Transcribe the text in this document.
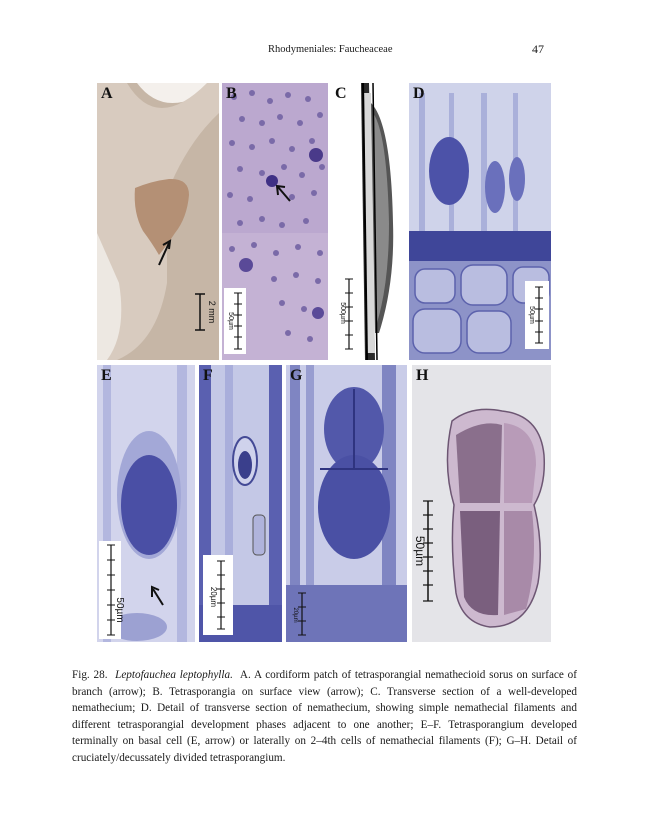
Rhodymeniales: Faucheaceae	47
2 mm
A
50µm
B
500µm
C
50µm
D
50µm
E
20µm
F
20µm
G
50µm
H

Fig. 28. Leptofauchea leptophylla. A. A cordiform patch of tetrasporangial nemathecioid sorus on surface of branch (arrow); B. Tetrasporangia on surface view (arrow); C. Transverse section of a well-developed nemathecium; D. Detail of transverse section of nemathecium, showing simple nemathecial filaments and different tetrasporangial development phases adjacent to one another; E–F. Tetrasporangium developed terminally on basal cell (E, arrow) or laterally on 2–4th cells of nemathecial filaments (F); G–H. Detail of cruciately/decussately divided tetrasporangium.
